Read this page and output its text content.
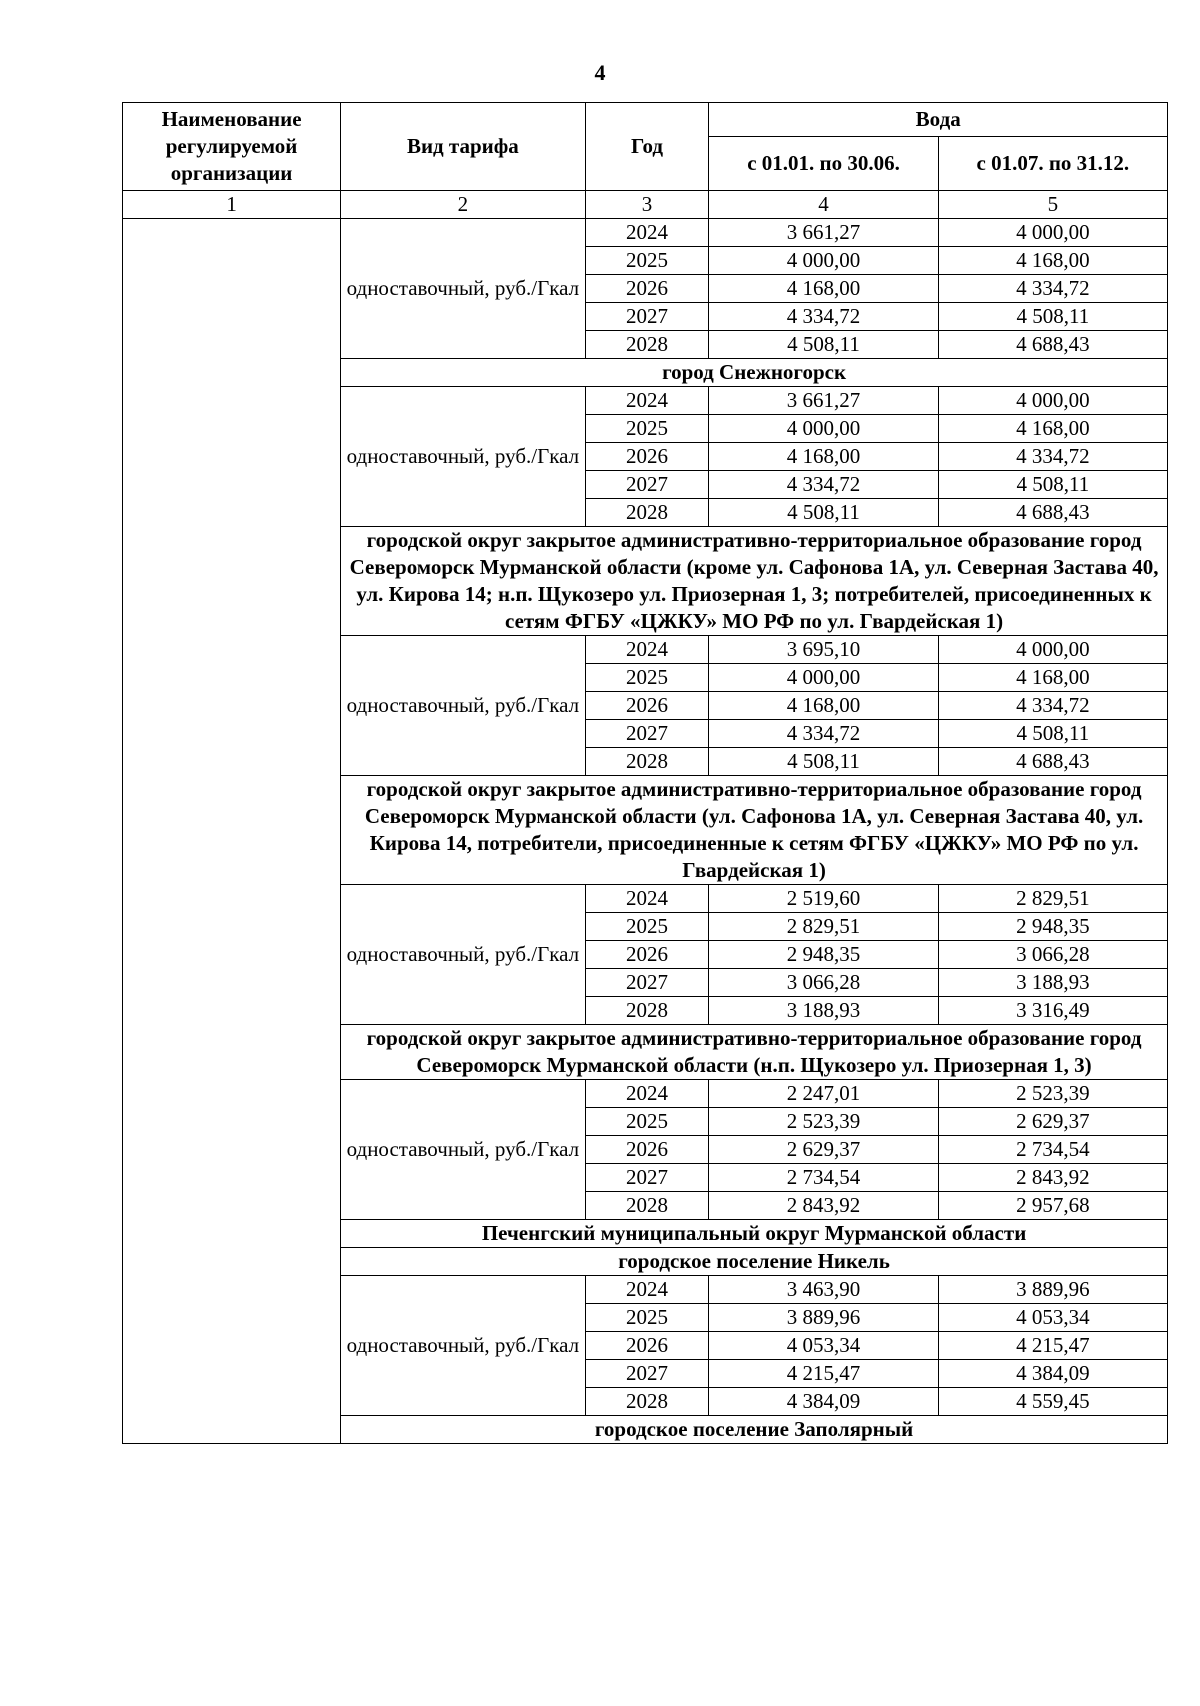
4
Наименование регулируемой организации	Вид тарифа	Год	Вода	
			с 01.01. по 30.06.	с 01.07. по 31.12.
1	2	3	4	5
	одноставочный, руб./Гкал	2024	3 661,27	4 000,00
		2025	4 000,00	4 168,00
		2026	4 168,00	4 334,72
		2027	4 334,72	4 508,11
		2028	4 508,11	4 688,43
	город Снежногорск			
	одноставочный, руб./Гкал	2024	3 661,27	4 000,00
		2025	4 000,00	4 168,00
		2026	4 168,00	4 334,72
		2027	4 334,72	4 508,11
		2028	4 508,11	4 688,43
	городской округ закрытое административно-территориальное образование город Североморск Мурманской области (кроме ул. Сафонова 1А, ул. Северная Застава 40, ул. Кирова 14; н.п. Щукозеро ул. Приозерная 1, 3; потребителей, присоединенных к сетям ФГБУ «ЦЖКУ» МО РФ по ул. Гвардейская 1)			
	одноставочный, руб./Гкал	2024	3 695,10	4 000,00
		2025	4 000,00	4 168,00
		2026	4 168,00	4 334,72
		2027	4 334,72	4 508,11
		2028	4 508,11	4 688,43
	городской округ закрытое административно-территориальное образование город Североморск Мурманской области (ул. Сафонова 1А, ул. Северная Застава 40, ул. Кирова 14, потребители, присоединенные к сетям ФГБУ «ЦЖКУ» МО РФ по ул. Гвардейская 1)			
	одноставочный, руб./Гкал	2024	2 519,60	2 829,51
		2025	2 829,51	2 948,35
		2026	2 948,35	3 066,28
		2027	3 066,28	3 188,93
		2028	3 188,93	3 316,49
	городской округ закрытое административно-территориальное образование город Североморск Мурманской области (н.п. Щукозеро ул. Приозерная 1, 3)			
	одноставочный, руб./Гкал	2024	2 247,01	2 523,39
		2025	2 523,39	2 629,37
		2026	2 629,37	2 734,54
		2027	2 734,54	2 843,92
		2028	2 843,92	2 957,68
	Печенгский муниципальный округ Мурманской области			
	городское поселение Никель			
	одноставочный, руб./Гкал	2024	3 463,90	3 889,96
		2025	3 889,96	4 053,34
		2026	4 053,34	4 215,47
		2027	4 215,47	4 384,09
		2028	4 384,09	4 559,45
	городское поселение Заполярный			
